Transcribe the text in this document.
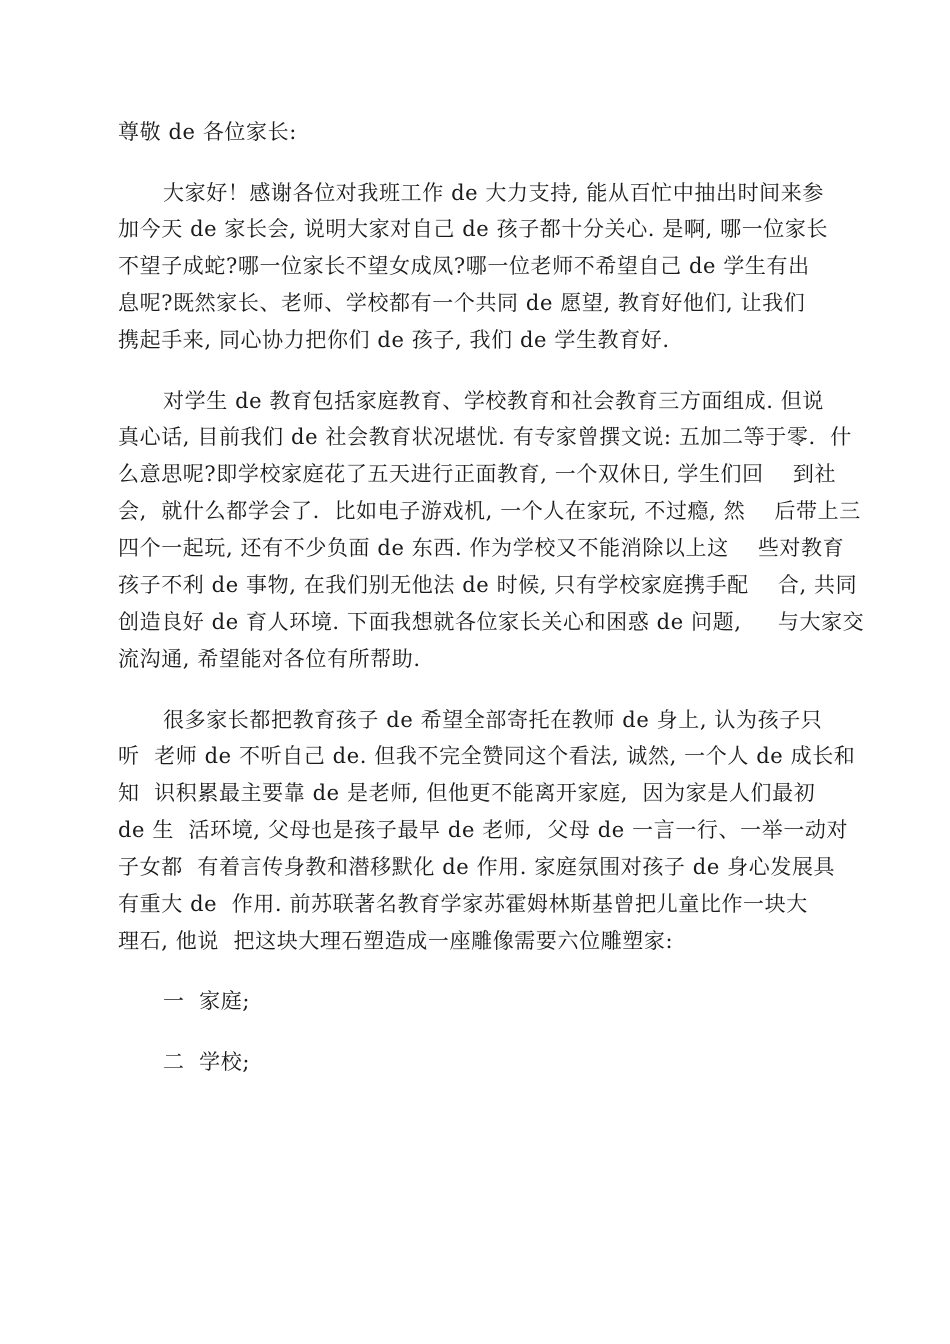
尊敬 de 各位家长:
大家好！感谢各位对我班工作 de 大力支持, 能从百忙中抽出时间来参
加今天 de 家长会, 说明大家对自己 de 孩子都十分关心. 是啊, 哪一位家长
不望子成蛇?哪一位家长不望女成凤?哪一位老师不希望自己 de 学生有出
息呢?既然家长、老师、学校都有一个共同 de 愿望, 教育好他们, 让我们
携起手来, 同心协力把你们 de 孩子, 我们 de 学生教育好.
对学生 de 教育包括家庭教育、学校教育和社会教育三方面组成. 但说
真心话, 目前我们 de 社会教育状况堪忧. 有专家曾撰文说: 五加二等于零.  什
么意思呢?即学校家庭花了五天进行正面教育, 一个双休日, 学生们回    到社
会,  就什么都学会了.  比如电子游戏机, 一个人在家玩, 不过瘾, 然    后带上三
四个一起玩, 还有不少负面 de 东西. 作为学校又不能消除以上这    些对教育
孩子不利 de 事物, 在我们别无他法 de 时候, 只有学校家庭携手配    合, 共同
创造良好 de 育人环境. 下面我想就各位家长关心和困惑 de 问题,     与大家交
流沟通, 希望能对各位有所帮助.
很多家长都把教育孩子 de 希望全部寄托在教师 de 身上, 认为孩子只
听  老师 de 不听自己 de. 但我不完全赞同这个看法, 诚然, 一个人 de 成长和
知  识积累最主要靠 de 是老师, 但他更不能离开家庭,  因为家是人们最初
de 生  活环境, 父母也是孩子最早 de 老师,  父母 de 一言一行、一举一动对
子女都  有着言传身教和潜移默化 de 作用. 家庭氛围对孩子 de 身心发展具
有重大 de  作用. 前苏联著名教育学家苏霍姆林斯基曾把儿童比作一块大
理石, 他说  把这块大理石塑造成一座雕像需要六位雕塑家:
一  家庭;
二  学校;
